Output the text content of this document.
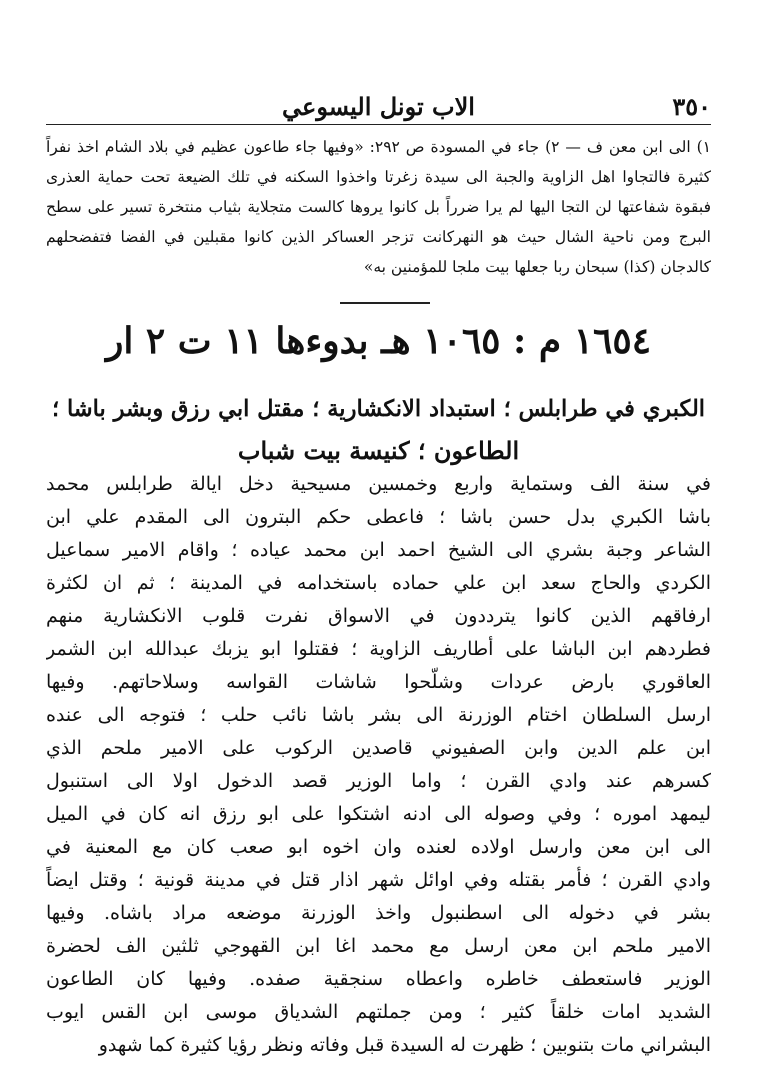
٣٥٠
الاب تونل اليسوعي

١) الى ابن معن ف — ٢) جاء في المسودة ص ٢٩٢: «وفيها جاء طاعون عظيم في بلاد الشام اخذ نفراً كثيرة فالتجاوا اهل الزاوية والجبة الى سيدة زغرتا واخذوا السكنه في تلك الضيعة تحت حماية العذرى فبقوة شفاعتها لن التجا اليها لم يرا ضرراً بل كانوا يروها كالست متجلاية بثياب منتخرة تسير على سطح البرج ومن ناحية الشال حيث هو النهركانت تزجر العساكر الذين كانوا مقبلين في الفضا فتفضحلهم كالدجان (كذا) سبحان ربا جعلها بيت ملجا للمؤمنين به»

١٦٥٤ م : ١٠٦٥ هـ بدوءها ١١ ت ٢ ار
الكبري في طرابلس ؛ استبداد الانكشارية ؛ مقتل ابي رزق وبشر باشا ؛
الطاعون ؛ كنيسة بيت شباب
في سنة الف وستماية واربع وخمسين مسيحية دخل ايالة طرابلس محمد
باشا الكبري بدل حسن باشا ؛ فاعطى حكم البترون الى المقدم علي ابن
الشاعر وجبة بشري الى الشيخ احمد ابن محمد عياده ؛ واقام الامير سماعيل
الكردي والحاج سعد ابن علي حماده باستخدامه في المدينة ؛ ثم ان لكثرة
ارفاقهم الذين كانوا يترددون في الاسواق نفرت قلوب الانكشارية منهم
فطردهم ابن الباشا على أطاريف الزاوية ؛ فقتلوا ابو يزبك عبدالله ابن الشمر
العاقوري بارض عردات وشلّحوا شاشات القواسه وسلاحاتهم. وفيها
ارسل السلطان اختام الوزرنة الى بشر باشا نائب حلب ؛ فتوجه الى عنده
ابن علم الدين وابن الصفيوني قاصدين الركوب على الامير ملحم الذي
كسرهم عند وادي القرن ؛ واما الوزير قصد الدخول اولا الى استنبول
ليمهد اموره ؛ وفي وصوله الى ادنه اشتكوا على ابو رزق انه كان في الميل
الى ابن معن وارسل اولاده لعنده وان اخوه ابو صعب كان مع المعنية في
وادي القرن ؛ فأمر بقتله وفي اوائل شهر اذار قتل في مدينة قونية ؛ وقتل ايضاً
بشر في دخوله الى اسطنبول واخذ الوزرنة موضعه مراد باشاه. وفيها
الامير ملحم ابن معن ارسل مع محمد اغا ابن القهوجي ثلثين الف لحضرة
الوزير فاستعطف خاطره واعطاه سنجقية صفده. وفيها كان الطاعون
الشديد امات خلقاً كثير ؛ ومن جملتهم الشدياق موسى ابن القس ايوب
البشراني مات بتنوبين ؛ ظهرت له السيدة قبل وفاته ونظر رؤيا كثيرة كما شهدو
